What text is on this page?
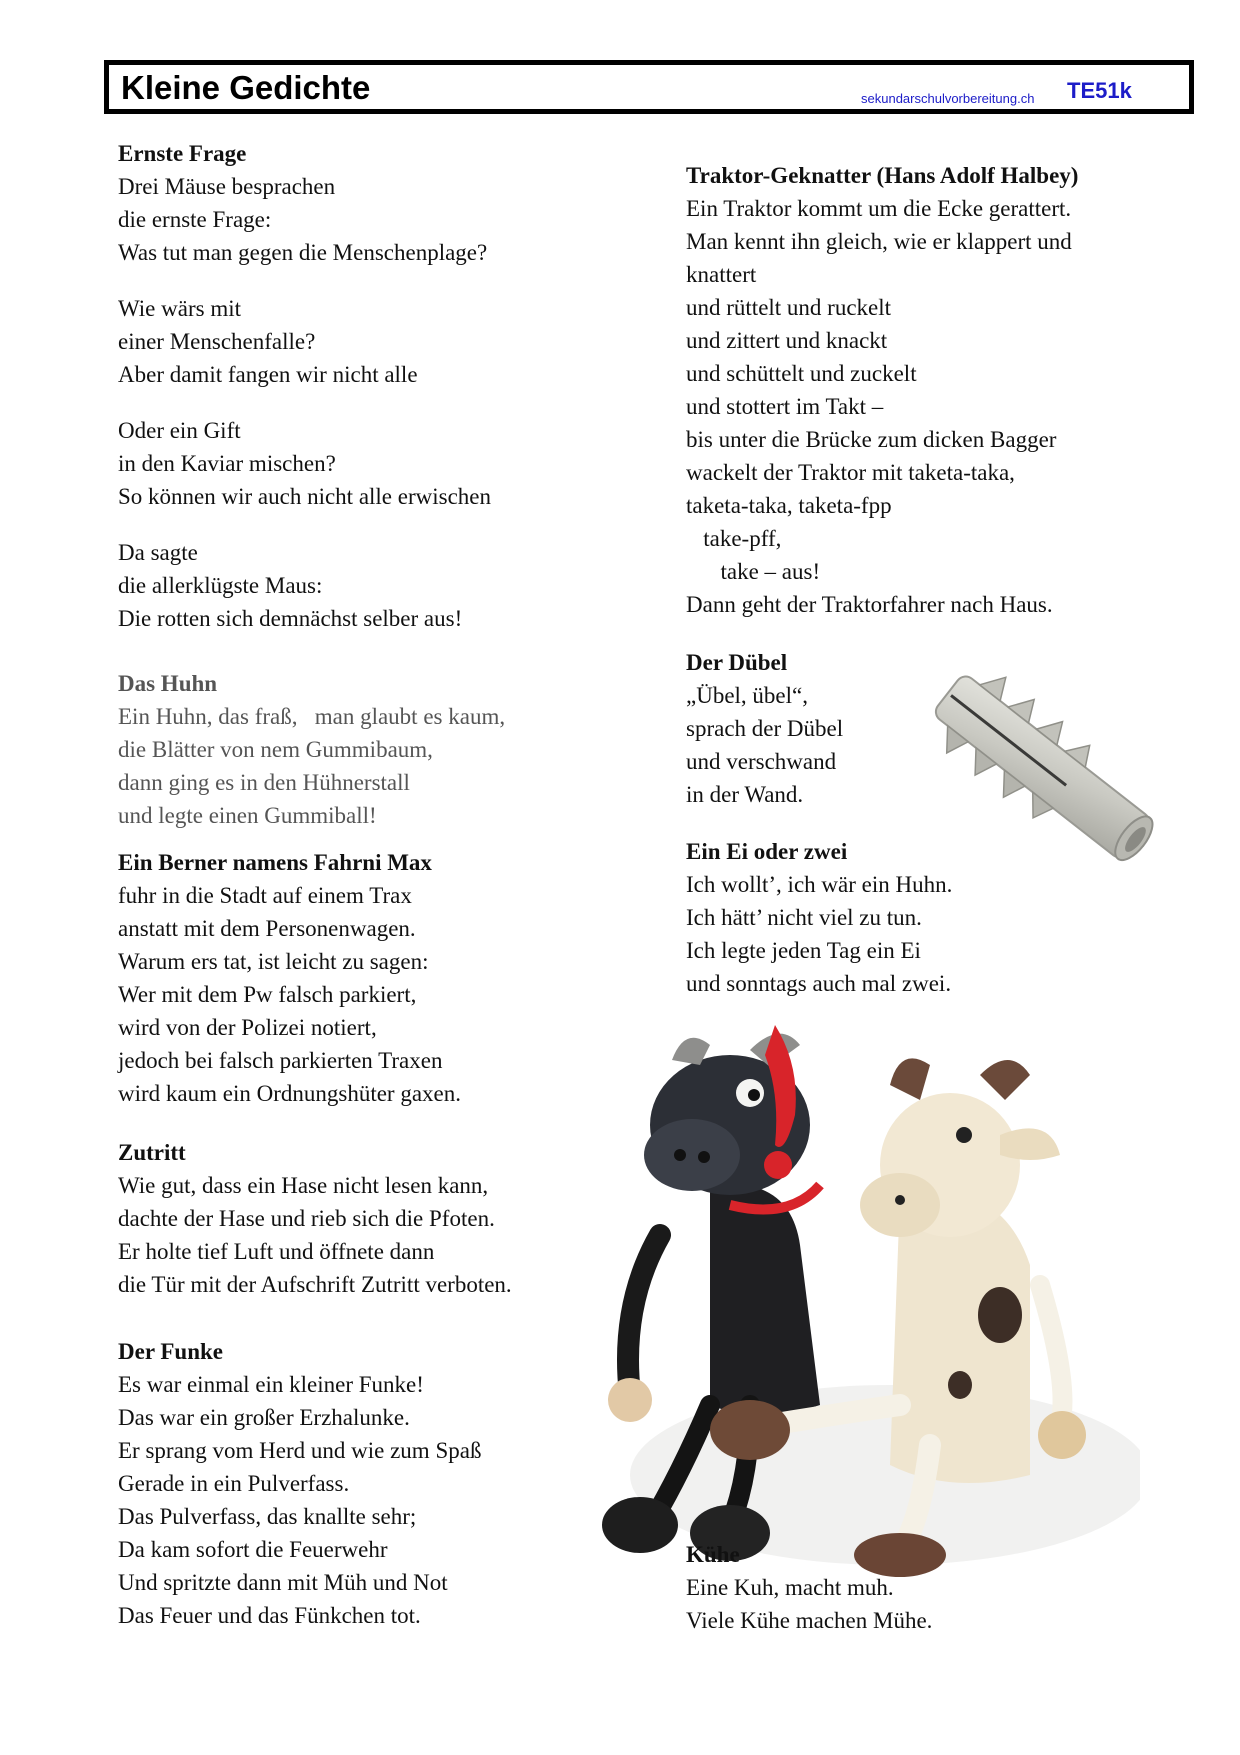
Kleine Gedichte	sekundarschulvorbereitung.ch TE51k
Ernste Frage
Drei Mäuse besprachen
die ernste Frage:
Was tut man gegen die Menschenplage?
Wie wärs mit
einer Menschenfalle?
Aber damit fangen wir nicht alle
Oder ein Gift
in den Kaviar mischen?
So können wir auch nicht alle erwischen
Da sagte
die allerklügste Maus:
Die rotten sich demnächst selber aus!
Das Huhn
Ein Huhn, das fraß,   man glaubt es kaum,
die Blätter von nem Gummibaum,
dann ging es in den Hühnerstall
und legte einen Gummiball!
Ein Berner namens Fahrni Max
fuhr in die Stadt auf einem Trax
anstatt mit dem Personenwagen.
Warum ers tat, ist leicht zu sagen:
Wer mit dem Pw falsch parkiert,
wird von der Polizei notiert,
jedoch bei falsch parkierten Traxen
wird kaum ein Ordnungshüter gaxen.
Zutritt
Wie gut, dass ein Hase nicht lesen kann,
dachte der Hase und rieb sich die Pfoten.
Er holte tief Luft und öffnete dann
die Tür mit der Aufschrift Zutritt verboten.
Der Funke
Es war einmal ein kleiner Funke!
Das war ein großer Erzhalunke.
Er sprang vom Herd und wie zum Spaß
Gerade in ein Pulverfass.
Das Pulverfass, das knallte sehr;
Da kam sofort die Feuerwehr
Und spritzte dann mit Müh und Not
Das Feuer und das Fünkchen tot.
Traktor-Geknatter (Hans Adolf Halbey)
Ein Traktor kommt um die Ecke gerattert.
Man kennt ihn gleich, wie er klappert und
knattert
und rüttelt und ruckelt
und zittert und knackt
und schüttelt und zuckelt
und stottert im Takt –
bis unter die Brücke zum dicken Bagger
wackelt der Traktor mit taketa-taka,
taketa-taka, taketa-fpp
take-pff,
take – aus!
Dann geht der Traktorfahrer nach Haus.
Der Dübel
„Übel, übel“,
sprach der Dübel
und verschwand
in der Wand.
Ein Ei oder zwei
Ich wollt’, ich wär ein Huhn.
Ich hätt’ nicht viel zu tun.
Ich legte jeden Tag ein Ei
und sonntags auch mal zwei.
Kühe
Eine Kuh, macht muh.
Viele Kühe machen Mühe.
